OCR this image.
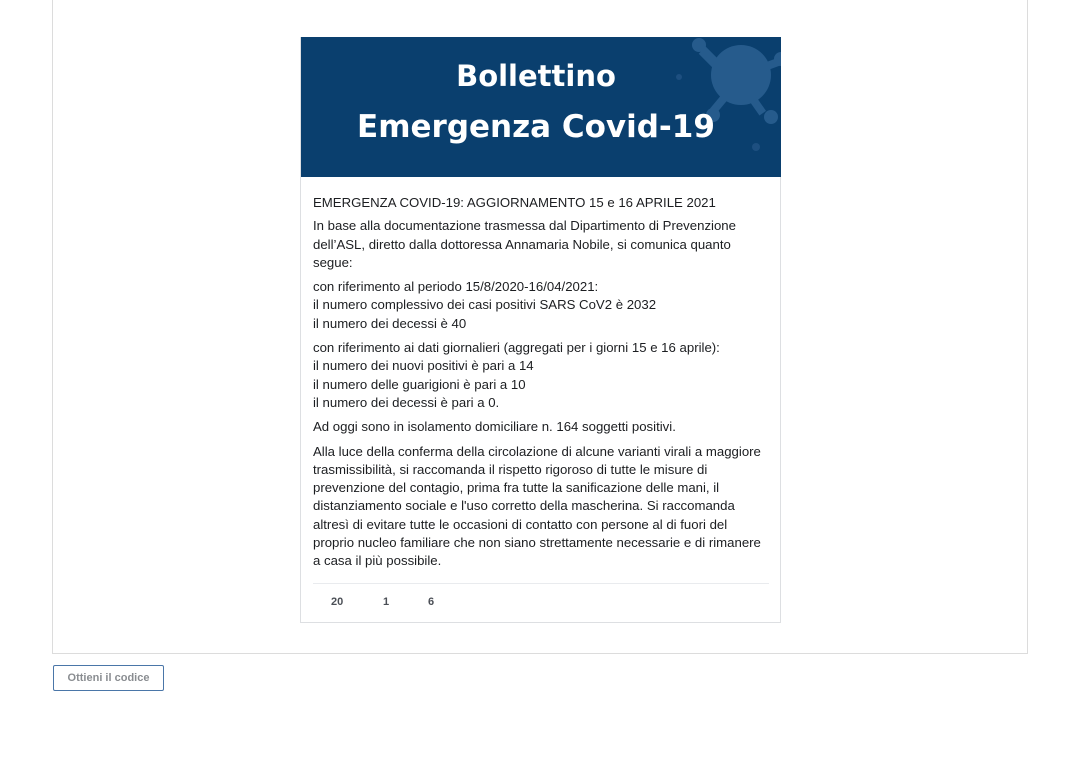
Bollettino
Emergenza Covid-19

EMERGENZA COVID-19: AGGIORNAMENTO 15 e 16 APRILE 2021

In base alla documentazione trasmessa dal Dipartimento di Prevenzione dell’ASL, diretto dalla dottoressa Annamaria Nobile, si comunica quanto segue:

con riferimento al periodo 15/8/2020-16/04/2021:
il numero complessivo dei casi positivi SARS CoV2 è 2032
il numero dei decessi è 40

con riferimento ai dati giornalieri (aggregati per i giorni 15 e 16 aprile):
il numero dei nuovi positivi è pari a 14
il numero delle guarigioni è pari a 10
il numero dei decessi è pari a 0.

Ad oggi sono in isolamento domiciliare n. 164 soggetti positivi.

Alla luce della conferma della circolazione di alcune varianti virali a maggiore trasmissibilità, si raccomanda il rispetto rigoroso di tutte le misure di prevenzione del contagio, prima fra tutte la sanificazione delle mani, il distanziamento sociale e l'uso corretto della mascherina. Si raccomanda altresì di evitare tutte le occasioni di contatto con persone al di fuori del proprio nucleo familiare che non siano strettamente necessarie e di rimanere a casa il più possibile.

20	1	6
Ottieni il codice
